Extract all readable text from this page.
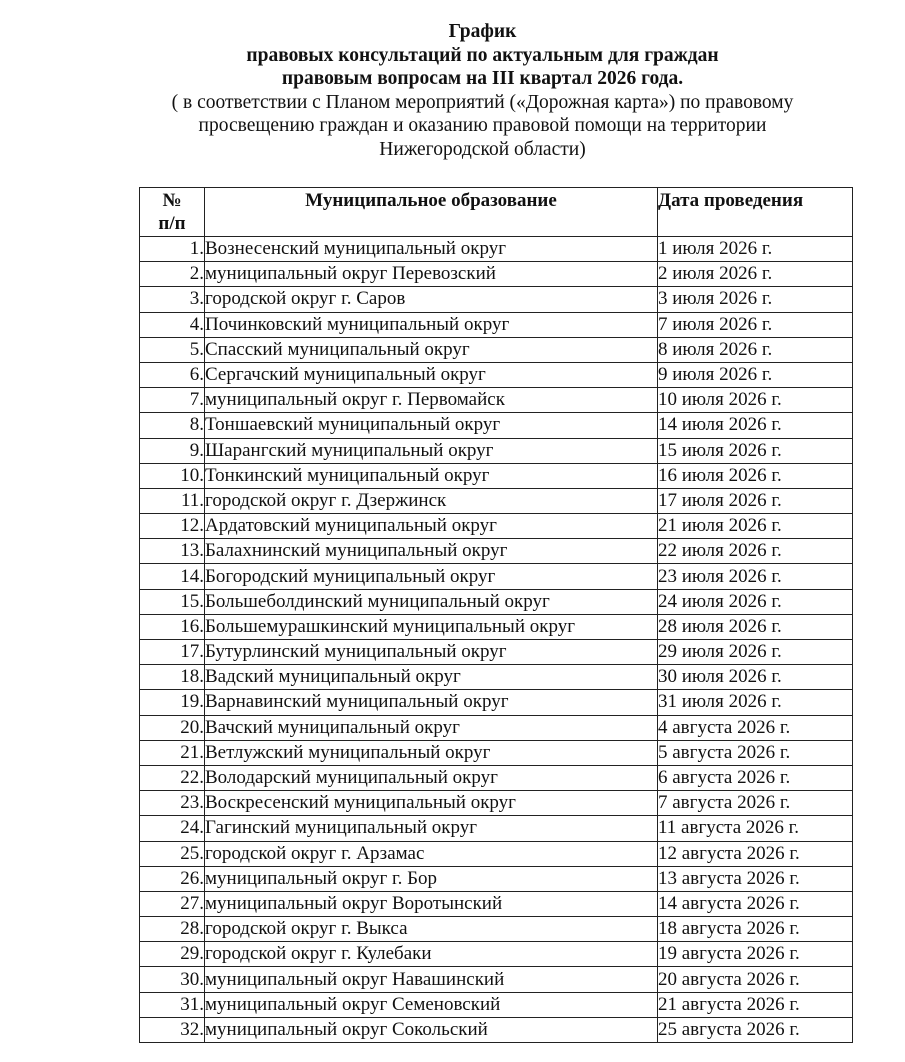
График
правовых консультаций по актуальным для граждан
правовым вопросам на III квартал 2026 года.
( в соответствии с Планом мероприятий («Дорожная карта») по правовому
просвещению граждан и оказанию правовой помощи на территории
Нижегородской области)
№
п/п	Муниципальное образование	Дата проведения
1.	Вознесенский муниципальный округ	1 июля 2026 г.
2.	муниципальный округ Перевозский	2 июля 2026 г.
3.	городской округ г. Саров	3 июля 2026 г.
4.	Починковский муниципальный округ	7 июля 2026 г.
5.	Спасский муниципальный округ	8 июля 2026 г.
6.	Сергачский муниципальный округ	9 июля 2026 г.
7.	муниципальный округ г. Первомайск	10 июля 2026 г.
8.	Тоншаевский муниципальный округ	14 июля 2026 г.
9.	Шарангский муниципальный округ	15 июля 2026 г.
10.	Тонкинский муниципальный округ	16 июля 2026 г.
11.	городской округ г. Дзержинск	17 июля 2026 г.
12.	Ардатовский муниципальный округ	21 июля 2026 г.
13.	Балахнинский муниципальный округ	22 июля 2026 г.
14.	Богородский муниципальный округ	23 июля 2026 г.
15.	Большеболдинский муниципальный округ	24 июля 2026 г.
16.	Большемурашкинский муниципальный округ	28 июля 2026 г.
17.	Бутурлинский муниципальный округ	29 июля 2026 г.
18.	Вадский муниципальный округ	30 июля 2026 г.
19.	Варнавинский муниципальный округ	31 июля 2026 г.
20.	Вачский муниципальный округ	4 августа 2026 г.
21.	Ветлужский муниципальный округ	5 августа 2026 г.
22.	Володарский муниципальный округ	6 августа 2026 г.
23.	Воскресенский муниципальный округ	7 августа 2026 г.
24.	Гагинский муниципальный округ	11 августа 2026 г.
25.	городской округ г. Арзамас	12 августа 2026 г.
26.	муниципальный округ г. Бор	13 августа 2026 г.
27.	муниципальный округ Воротынский	14 августа 2026 г.
28.	городской округ г. Выкса	18 августа 2026 г.
29.	городской округ г. Кулебаки	19 августа 2026 г.
30.	муниципальный округ Навашинский	20 августа 2026 г.
31.	муниципальный округ Семеновский	21 августа 2026 г.
32.	муниципальный округ Сокольский	25 августа 2026 г.
